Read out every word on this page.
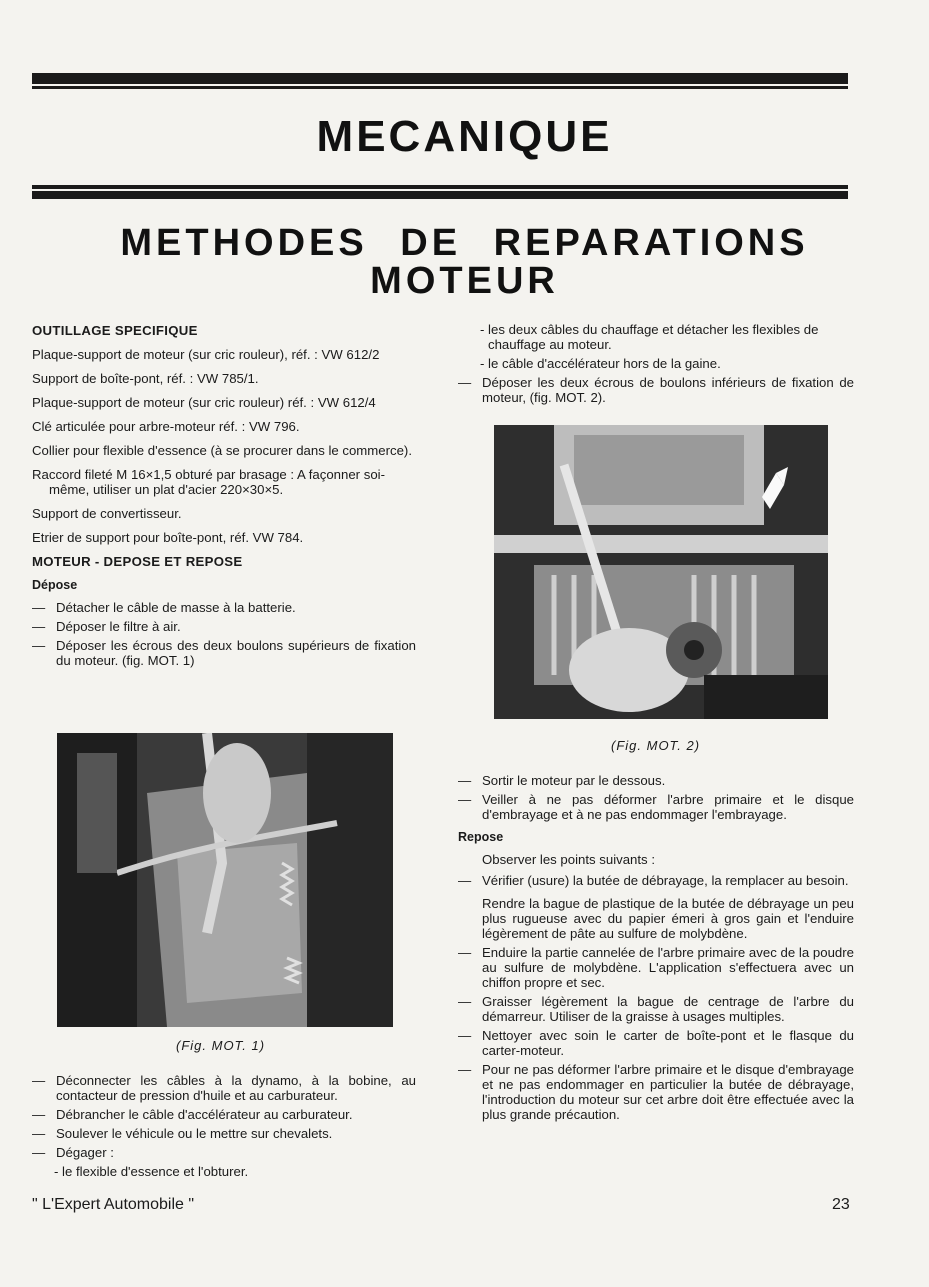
MECANIQUE
METHODES DE REPARATIONS
MOTEUR
OUTILLAGE SPECIFIQUE
Plaque-support de moteur (sur cric rouleur), réf. : VW 612/2
Support de boîte-pont, réf. : VW 785/1.
Plaque-support de moteur (sur cric rouleur) réf. : VW 612/4
Clé articulée pour arbre-moteur réf. : VW 796.
Collier pour flexible d'essence (à se procurer dans le commerce).
Raccord fileté M 16×1,5 obturé par brasage : A façonner soi-même, utiliser un plat d'acier 220×30×5.
Support de convertisseur.
Etrier de support pour boîte-pont, réf. VW 784.
MOTEUR - DEPOSE ET REPOSE
Dépose
— Détacher le câble de masse à la batterie.
— Déposer le filtre à air.
— Déposer les écrous des deux boulons supérieurs de fixation du moteur. (fig. MOT. 1)
(Fig. MOT. 1)
— Déconnecter les câbles à la dynamo, à la bobine, au contacteur de pression d'huile et au carburateur.
— Débrancher le câble d'accélérateur au carburateur.
— Soulever le véhicule ou le mettre sur chevalets.
— Dégager :
- le flexible d'essence et l'obturer.
- les deux câbles du chauffage et détacher les flexibles de chauffage au moteur.
- le câble d'accélérateur hors de la gaine.
— Déposer les deux écrous de boulons inférieurs de fixation de moteur, (fig. MOT. 2).
(Fig. MOT. 2)
— Sortir le moteur par le dessous.
— Veiller à ne pas déformer l'arbre primaire et le disque d'embrayage et à ne pas endommager l'embrayage.
Repose
Observer les points suivants :
— Vérifier (usure) la butée de débrayage, la remplacer au besoin.
Rendre la bague de plastique de la butée de débrayage un peu plus rugueuse avec du papier émeri à gros gain et l'enduire légèrement de pâte au sulfure de molybdène.
— Enduire la partie cannelée de l'arbre primaire avec de la poudre au sulfure de molybdène. L'application s'effectuera avec un chiffon propre et sec.
— Graisser légèrement la bague de centrage de l'arbre du démarreur. Utiliser de la graisse à usages multiples.
— Nettoyer avec soin le carter de boîte-pont et le flasque du carter-moteur.
— Pour ne pas déformer l'arbre primaire et le disque d'embrayage et ne pas endommager en particulier la butée de débrayage, l'introduction du moteur sur cet arbre doit être effectuée avec la plus grande précaution.
" L'Expert Automobile "	23
